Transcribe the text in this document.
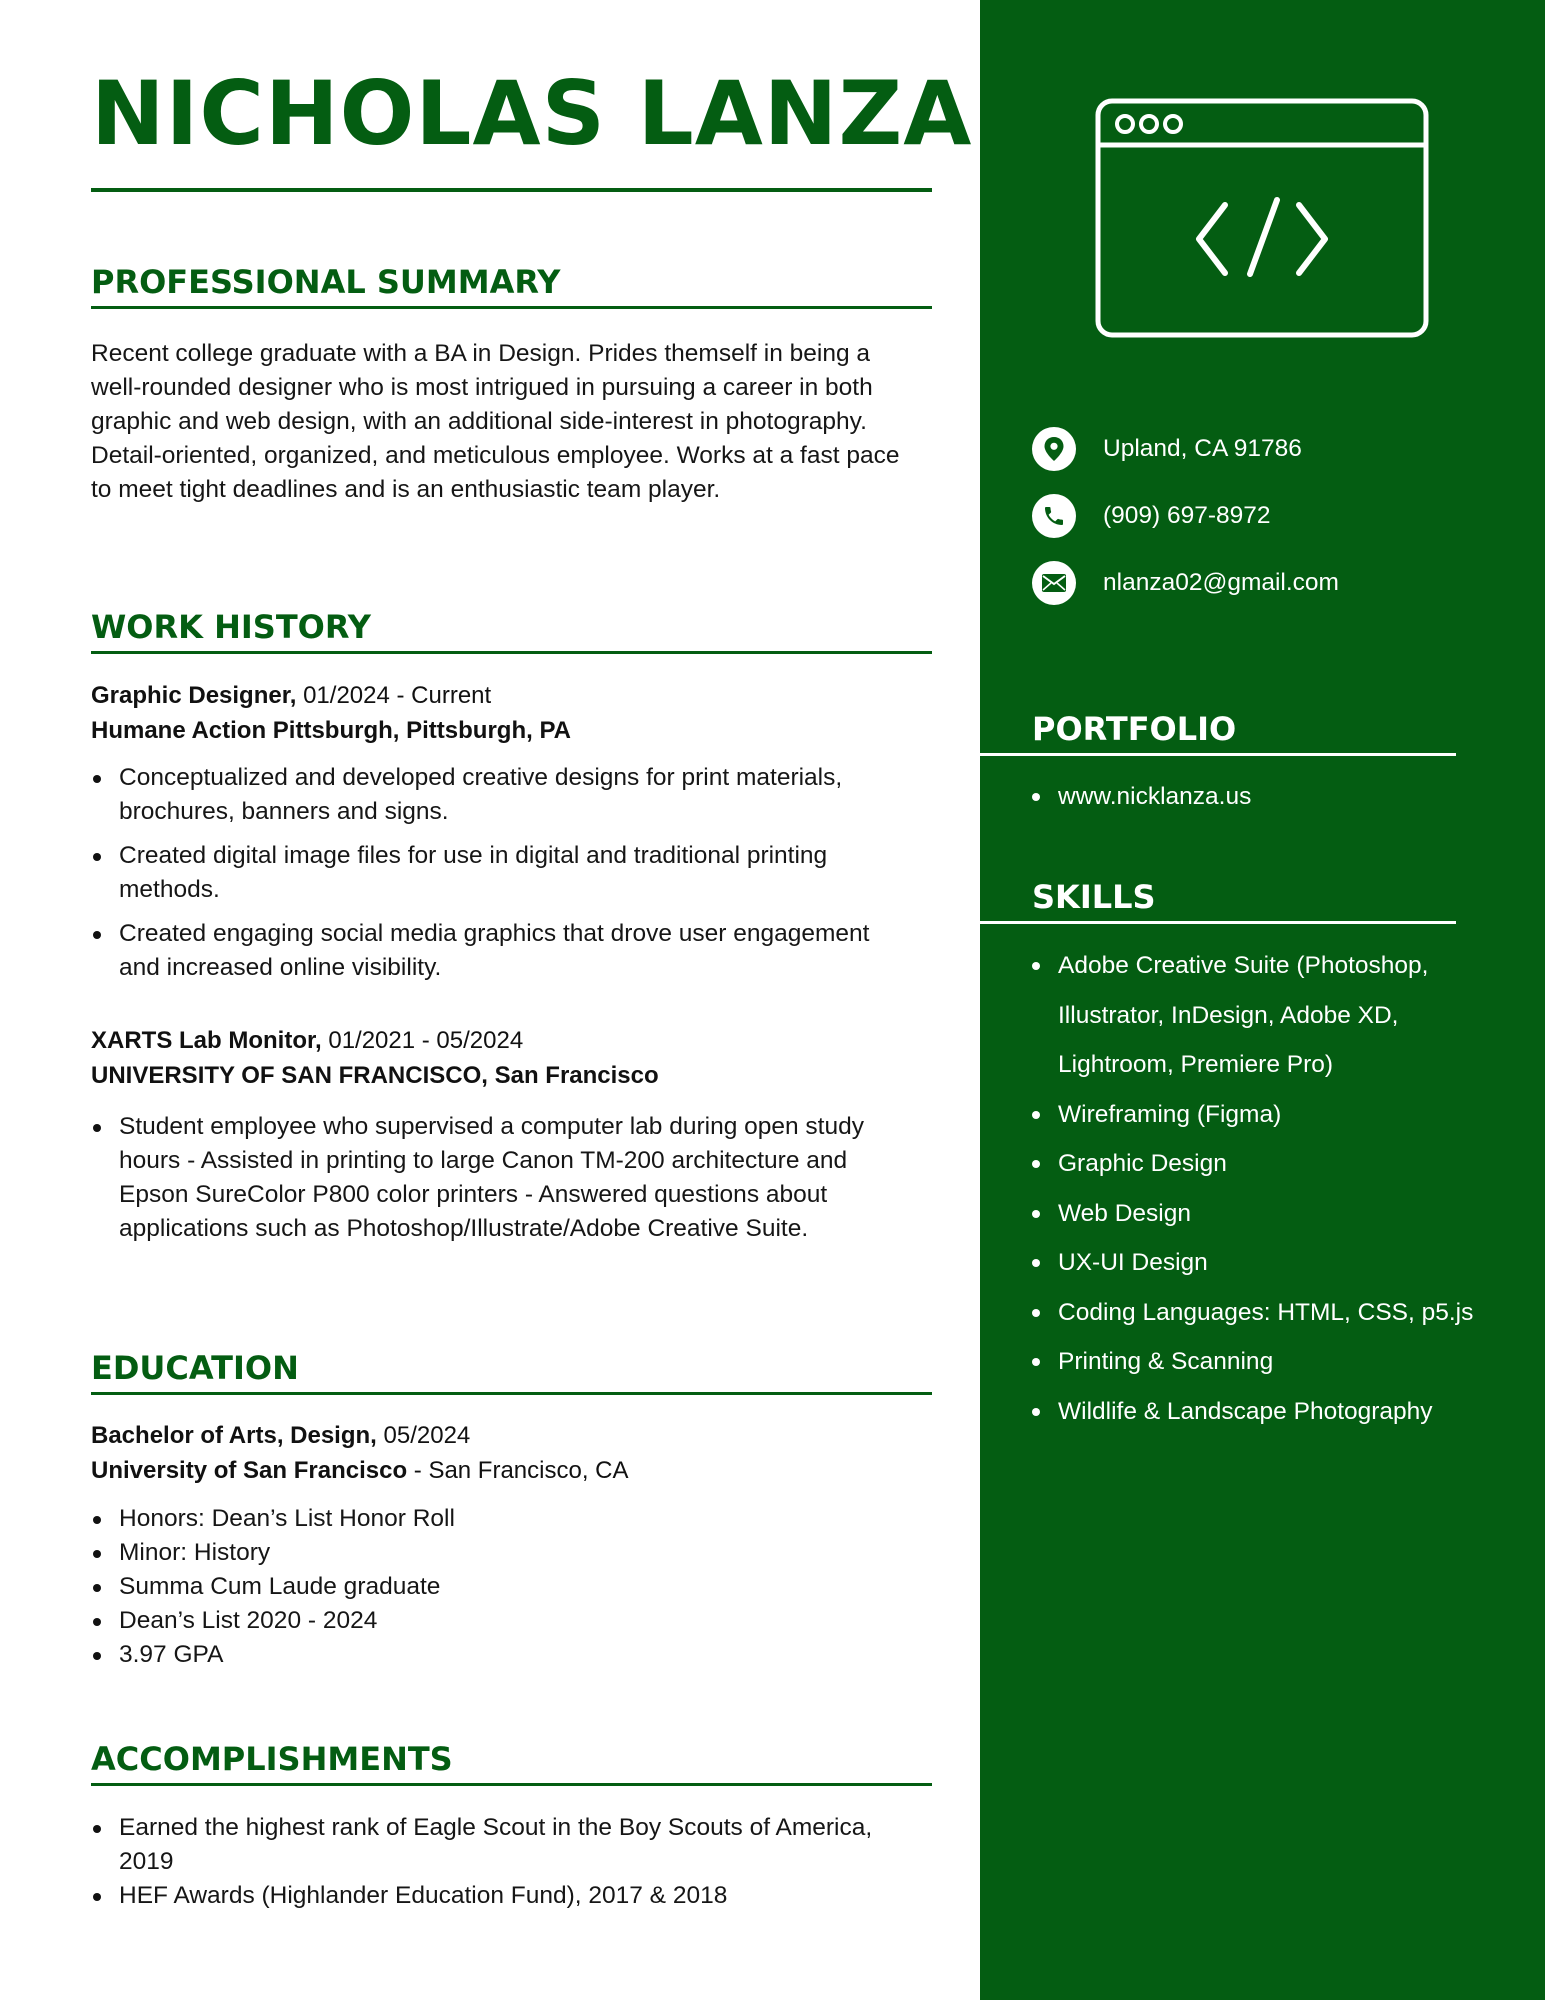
NICHOLAS LANZA
PROFESSIONAL SUMMARY

Recent college graduate with a BA in Design. Prides themself in being a well-rounded designer who is most intrigued in pursuing a career in both graphic and web design, with an additional side-interest in photography. Detail-oriented, organized, and meticulous employee. Works at a fast pace to meet tight deadlines and is an enthusiastic team player.

WORK HISTORY
Graphic Designer, 01/2024 - Current
Humane Action Pittsburgh, Pittsburgh, PA
Conceptualized and developed creative designs for print materials, brochures, banners and signs.
Created digital image files for use in digital and traditional printing methods.
Created engaging social media graphics that drove user engagement and increased online visibility.
XARTS Lab Monitor, 01/2021 - 05/2024
UNIVERSITY OF SAN FRANCISCO, San Francisco
Student employee who supervised a computer lab during open study hours - Assisted in printing to large Canon TM-200 architecture and Epson SureColor P800 color printers - Answered questions about applications such as Photoshop/Illustrate/Adobe Creative Suite.
EDUCATION
Bachelor of Arts, Design, 05/2024
University of San Francisco - San Francisco, CA
Honors: Dean’s List Honor Roll
Minor: History
Summa Cum Laude graduate
Dean’s List 2020 - 2024
3.97 GPA
ACCOMPLISHMENTS
Earned the highest rank of Eagle Scout in the Boy Scouts of America, 2019
HEF Awards (Highlander Education Fund), 2017 & 2018
Upland, CA 91786
(909) 697-8972
nlanza02@gmail.com
PORTFOLIO
www.nicklanza.us
SKILLS
Adobe Creative Suite (Photoshop, Illustrator, InDesign, Adobe XD, Lightroom, Premiere Pro)
Wireframing (Figma)
Graphic Design
Web Design
UX-UI Design
Coding Languages: HTML, CSS, p5.js
Printing & Scanning
Wildlife & Landscape Photography
